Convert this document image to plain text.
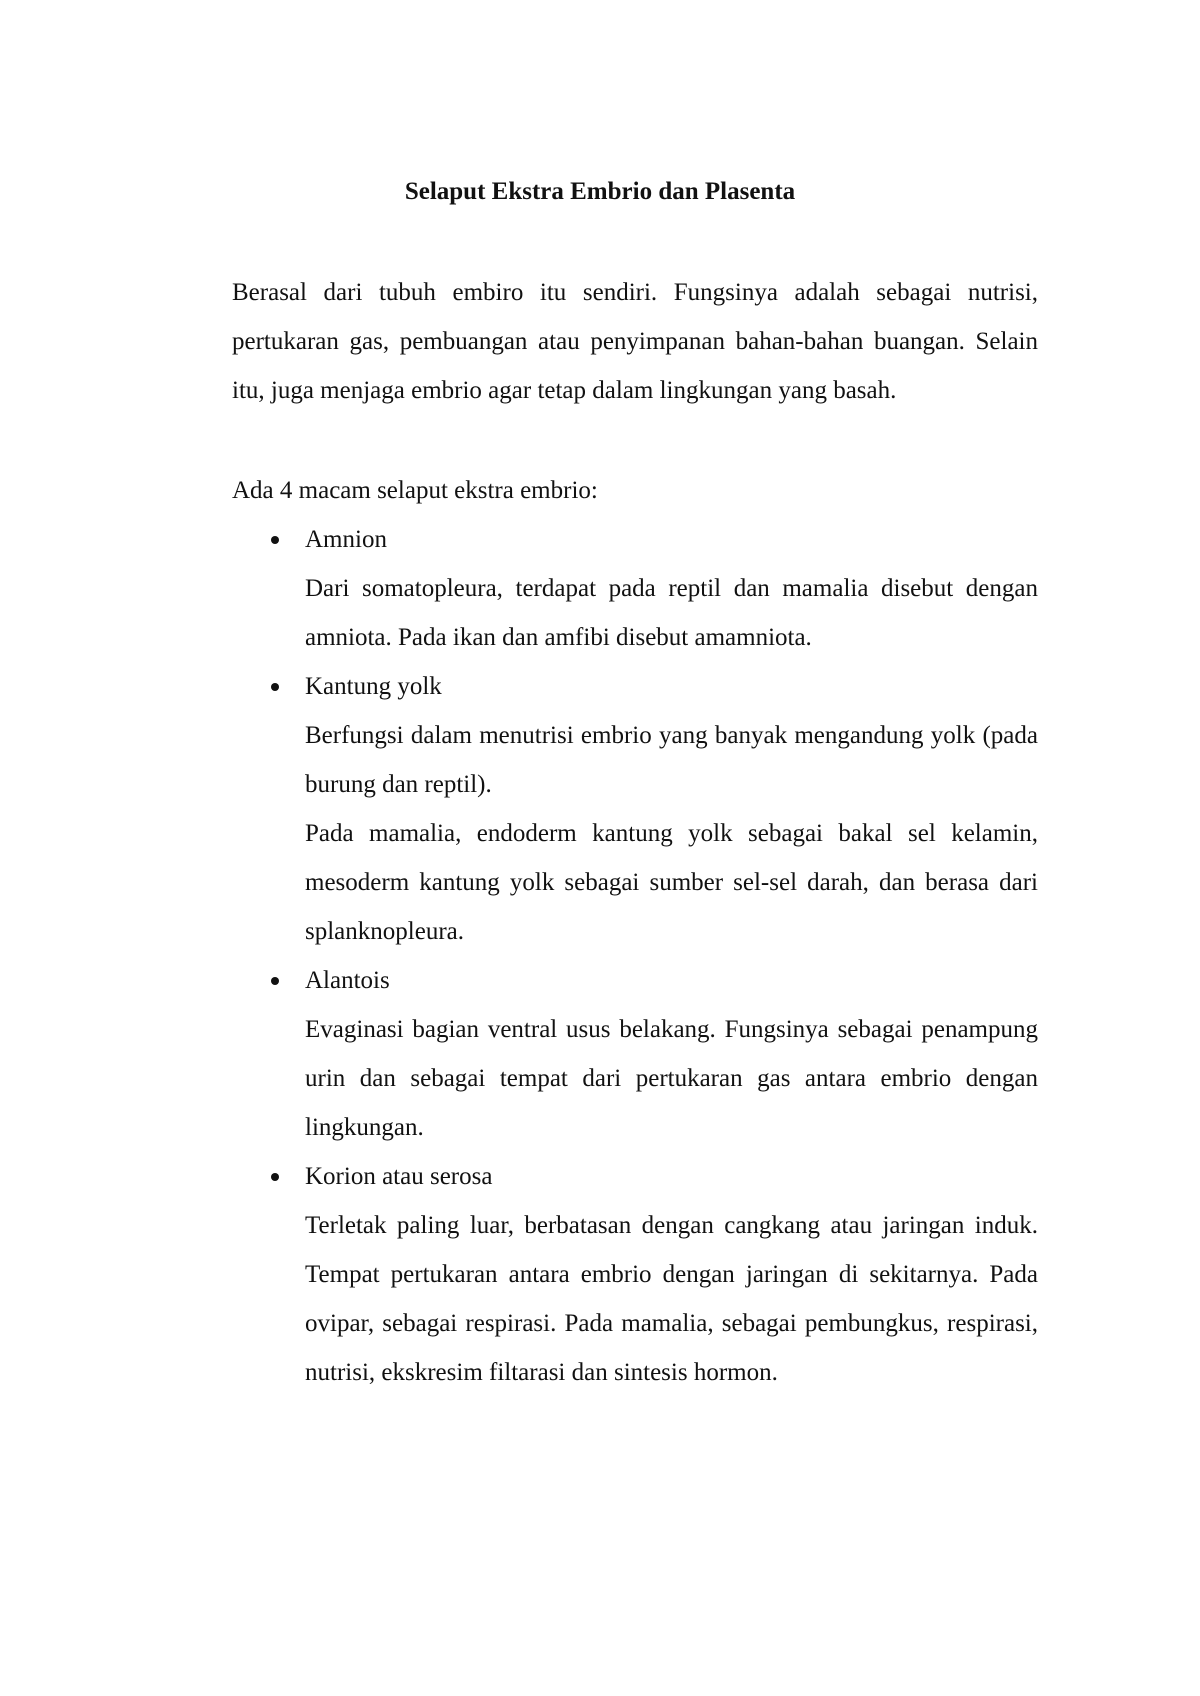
Selaput Ekstra Embrio dan Plasenta

Berasal dari tubuh embiro itu sendiri. Fungsinya adalah sebagai nutrisi, pertukaran gas, pembuangan atau penyimpanan bahan-bahan buangan. Selain itu, juga menjaga embrio agar tetap dalam lingkungan yang basah.

Ada 4 macam selaput ekstra embrio:

Amnion

Dari somatopleura, terdapat pada reptil dan mamalia disebut dengan amniota. Pada ikan dan amfibi disebut amamniota.

Kantung yolk

Berfungsi dalam menutrisi embrio yang banyak mengandung yolk (pada burung dan reptil).

Pada mamalia, endoderm kantung yolk sebagai bakal sel kelamin, mesoderm kantung yolk sebagai sumber sel-sel darah, dan berasa dari splanknopleura.

Alantois

Evaginasi bagian ventral usus belakang. Fungsinya sebagai penampung urin dan sebagai tempat dari pertukaran gas antara embrio dengan lingkungan.

Korion atau serosa

Terletak paling luar, berbatasan dengan cangkang atau jaringan induk. Tempat pertukaran antara embrio dengan jaringan di sekitarnya. Pada ovipar, sebagai respirasi. Pada mamalia, sebagai pembungkus, respirasi, nutrisi, ekskresim filtarasi dan sintesis hormon.
